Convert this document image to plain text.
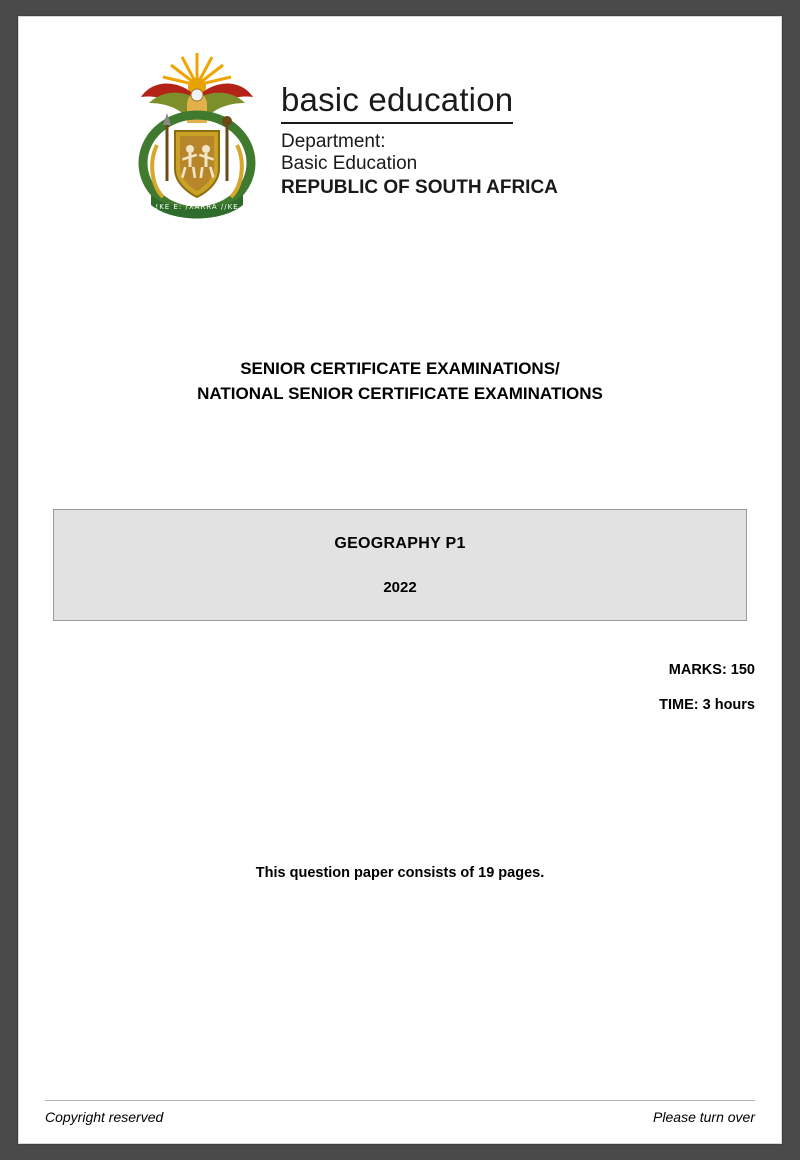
!KE E: /XARRA //KE
basic education
Department:
Basic Education
REPUBLIC OF SOUTH AFRICA
SENIOR CERTIFICATE EXAMINATIONS/
NATIONAL SENIOR CERTIFICATE EXAMINATIONS
GEOGRAPHY P1
2022
MARKS: 150
TIME: 3 hours
This question paper consists of 19 pages.
Copyright reserved	Please turn over
